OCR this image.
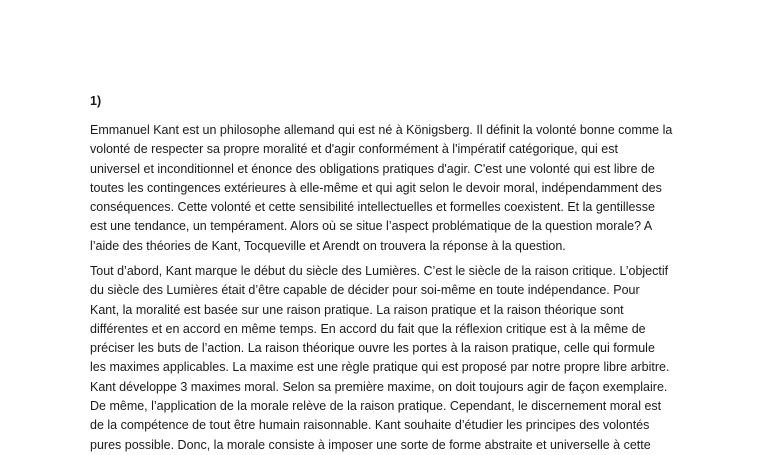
1)

Emmanuel Kant est un philosophe allemand qui est né à Königsberg. Il définit la volonté bonne comme la
volonté de respecter sa propre moralité et d'agir conformément à l'impératif catégorique, qui est
universel et inconditionnel et énonce des obligations pratiques d'agir. C'est une volonté qui est libre de
toutes les contingences extérieures à elle-même et qui agit selon le devoir moral, indépendamment des
conséquences. Cette volonté et cette sensibilité intellectuelles et formelles coexistent. Et la gentillesse
est une tendance, un tempérament. Alors où se situe l’aspect problématique de la question morale? A
l’aide des théories de Kant, Tocqueville et Arendt on trouvera la réponse à la question.
Tout d’abord, Kant marque le début du siècle des Lumières. C’est le siècle de la raison critique. L’objectif
du siècle des Lumières était d’être capable de décider pour soi-même en toute indépendance. Pour
Kant, la moralité est basée sur une raison pratique. La raison pratique et la raison théorique sont
différentes et en accord en même temps. En accord du fait que la réflexion critique est à la même de
préciser les buts de l’action. La raison théorique ouvre les portes à la raison pratique, celle qui formule
les maximes applicables. La maxime est une règle pratique qui est proposé par notre propre libre arbitre.
Kant développe 3 maximes moral. Selon sa première maxime, on doit toujours agir de façon exemplaire.
De même, l’application de la morale relève de la raison pratique. Cependant, le discernement moral est
de la compétence de tout être humain raisonnable. Kant souhaite d’étudier les principes des volontés
pures possible. Donc, la morale consiste à imposer une sorte de forme abstraite et universelle à cette
